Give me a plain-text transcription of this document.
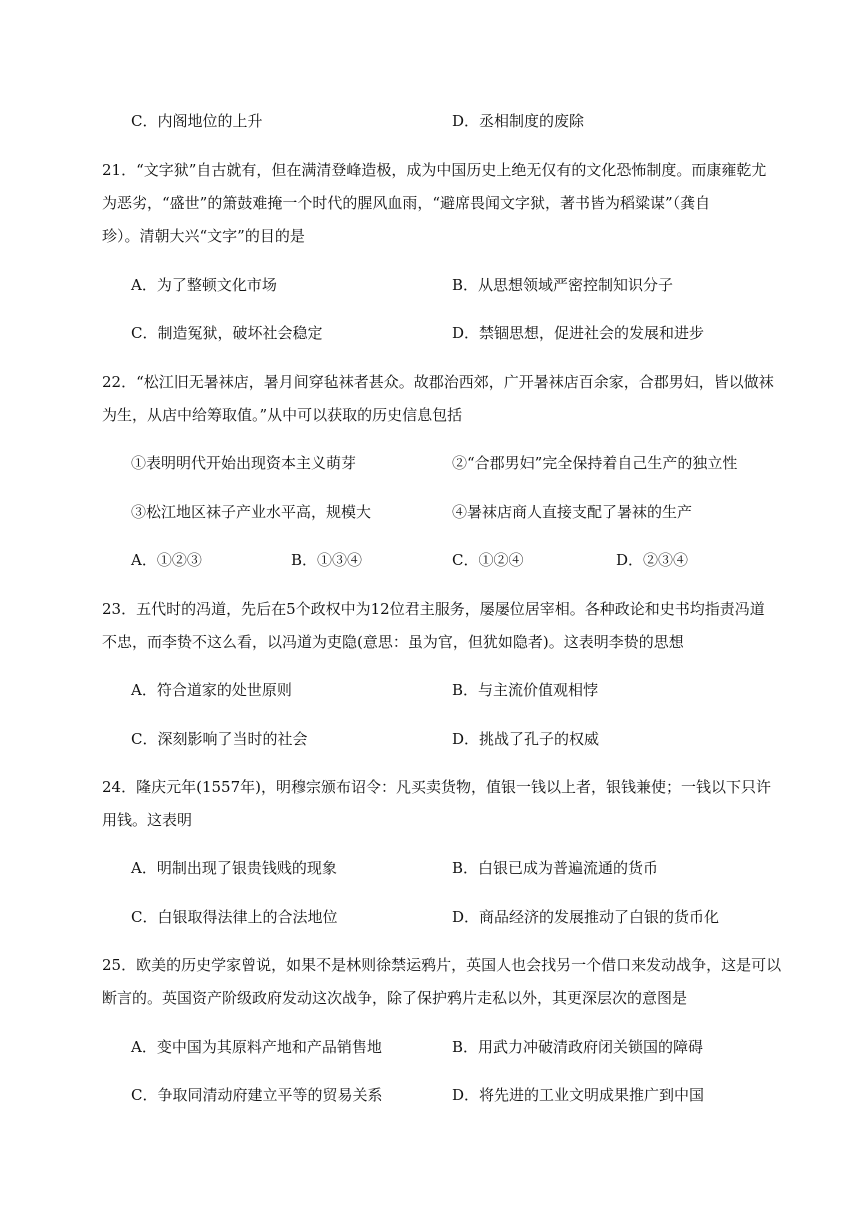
C．内阁地位的上升	D．丞相制度的废除
21．“文字狱”自古就有，但在满清登峰造极，成为中国历史上绝无仅有的文化恐怖制度。而康雍乾尤
为恶劣，“盛世”的箫鼓难掩一个时代的腥风血雨，“避席畏闻文字狱，著书皆为稻粱谋”（龚自
珍）。清朝大兴“文字”的目的是
A．为了整顿文化市场	B．从思想领域严密控制知识分子
C．制造冤狱，破坏社会稳定	D．禁锢思想，促进社会的发展和进步
22．“松江旧无暑袜店，暑月间穿毡袜者甚众。故郡治西郊，广开暑袜店百余家，合郡男妇，皆以做袜
为生，从店中给筹取值。”从中可以获取的历史信息包括
①表明明代开始出现资本主义萌芽	②“合郡男妇”完全保持着自己生产的独立性
③松江地区袜子产业水平高，规模大	④暑袜店商人直接支配了暑袜的生产
A．①②③	B．①③④	C．①②④	D．②③④
23．五代时的冯道，先后在5个政权中为12位君主服务，屡屡位居宰相。各种政论和史书均指责冯道
不忠，而李贽不这么看，以冯道为吏隐(意思：虽为官，但犹如隐者)。这表明李贽的思想
A．符合道家的处世原则	B．与主流价值观相悖
C．深刻影响了当时的社会	D．挑战了孔子的权威
24．隆庆元年(1557年)，明穆宗颁布诏令：凡买卖货物，值银一钱以上者，银钱兼使；一钱以下只许
用钱。这表明
A．明制出现了银贵钱贱的现象	B．白银已成为普遍流通的货币
C．白银取得法律上的合法地位	D．商品经济的发展推动了白银的货币化
25．欧美的历史学家曾说，如果不是林则徐禁运鸦片，英国人也会找另一个借口来发动战争，这是可以
断言的。英国资产阶级政府发动这次战争，除了保护鸦片走私以外，其更深层次的意图是
A．变中国为其原料产地和产品销售地	B．用武力冲破清政府闭关锁国的障碍
C．争取同清动府建立平等的贸易关系	D．将先进的工业文明成果推广到中国
